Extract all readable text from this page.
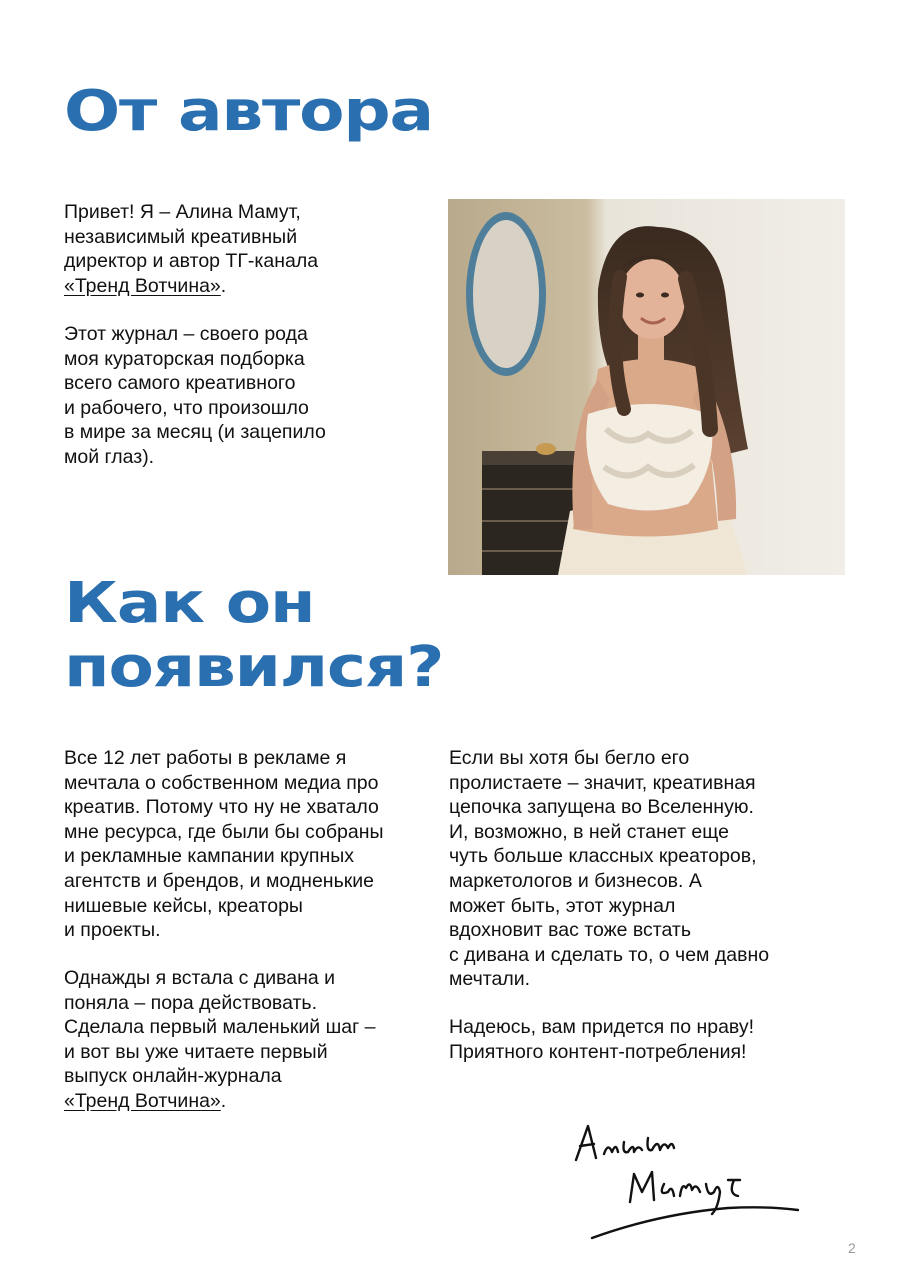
От автора

Привет! Я – Алина Мамут,
независимый креативный
директор и автор ТГ-канала
«Тренд Вотчина».

Этот журнал – своего рода
моя кураторская подборка
всего самого креативного
и рабочего, что произошло
в мире за месяц (и зацепило
мой глаз).

Как он
появился?

Все 12 лет работы в рекламе я
мечтала о собственном медиа про
креатив. Потому что ну не хватало
мне ресурса, где были бы собраны
и рекламные кампании крупных
агентств и брендов, и модненькие
нишевые кейсы, креаторы
и проекты.

Однажды я встала с дивана и
поняла – пора действовать.
Сделала первый маленький шаг –
и вот вы уже читаете первый
выпуск онлайн-журнала
«Тренд Вотчина».

Если вы хотя бы бегло его
пролистаете – значит, креативная
цепочка запущена во Вселенную.
И, возможно, в ней станет еще
чуть больше классных креаторов,
маркетологов и бизнесов. А
может быть, этот журнал
вдохновит вас тоже встать
с дивана и сделать то, о чем давно
мечтали.

Надеюсь, вам придется по нраву!
Приятного контент-потребления!

2
